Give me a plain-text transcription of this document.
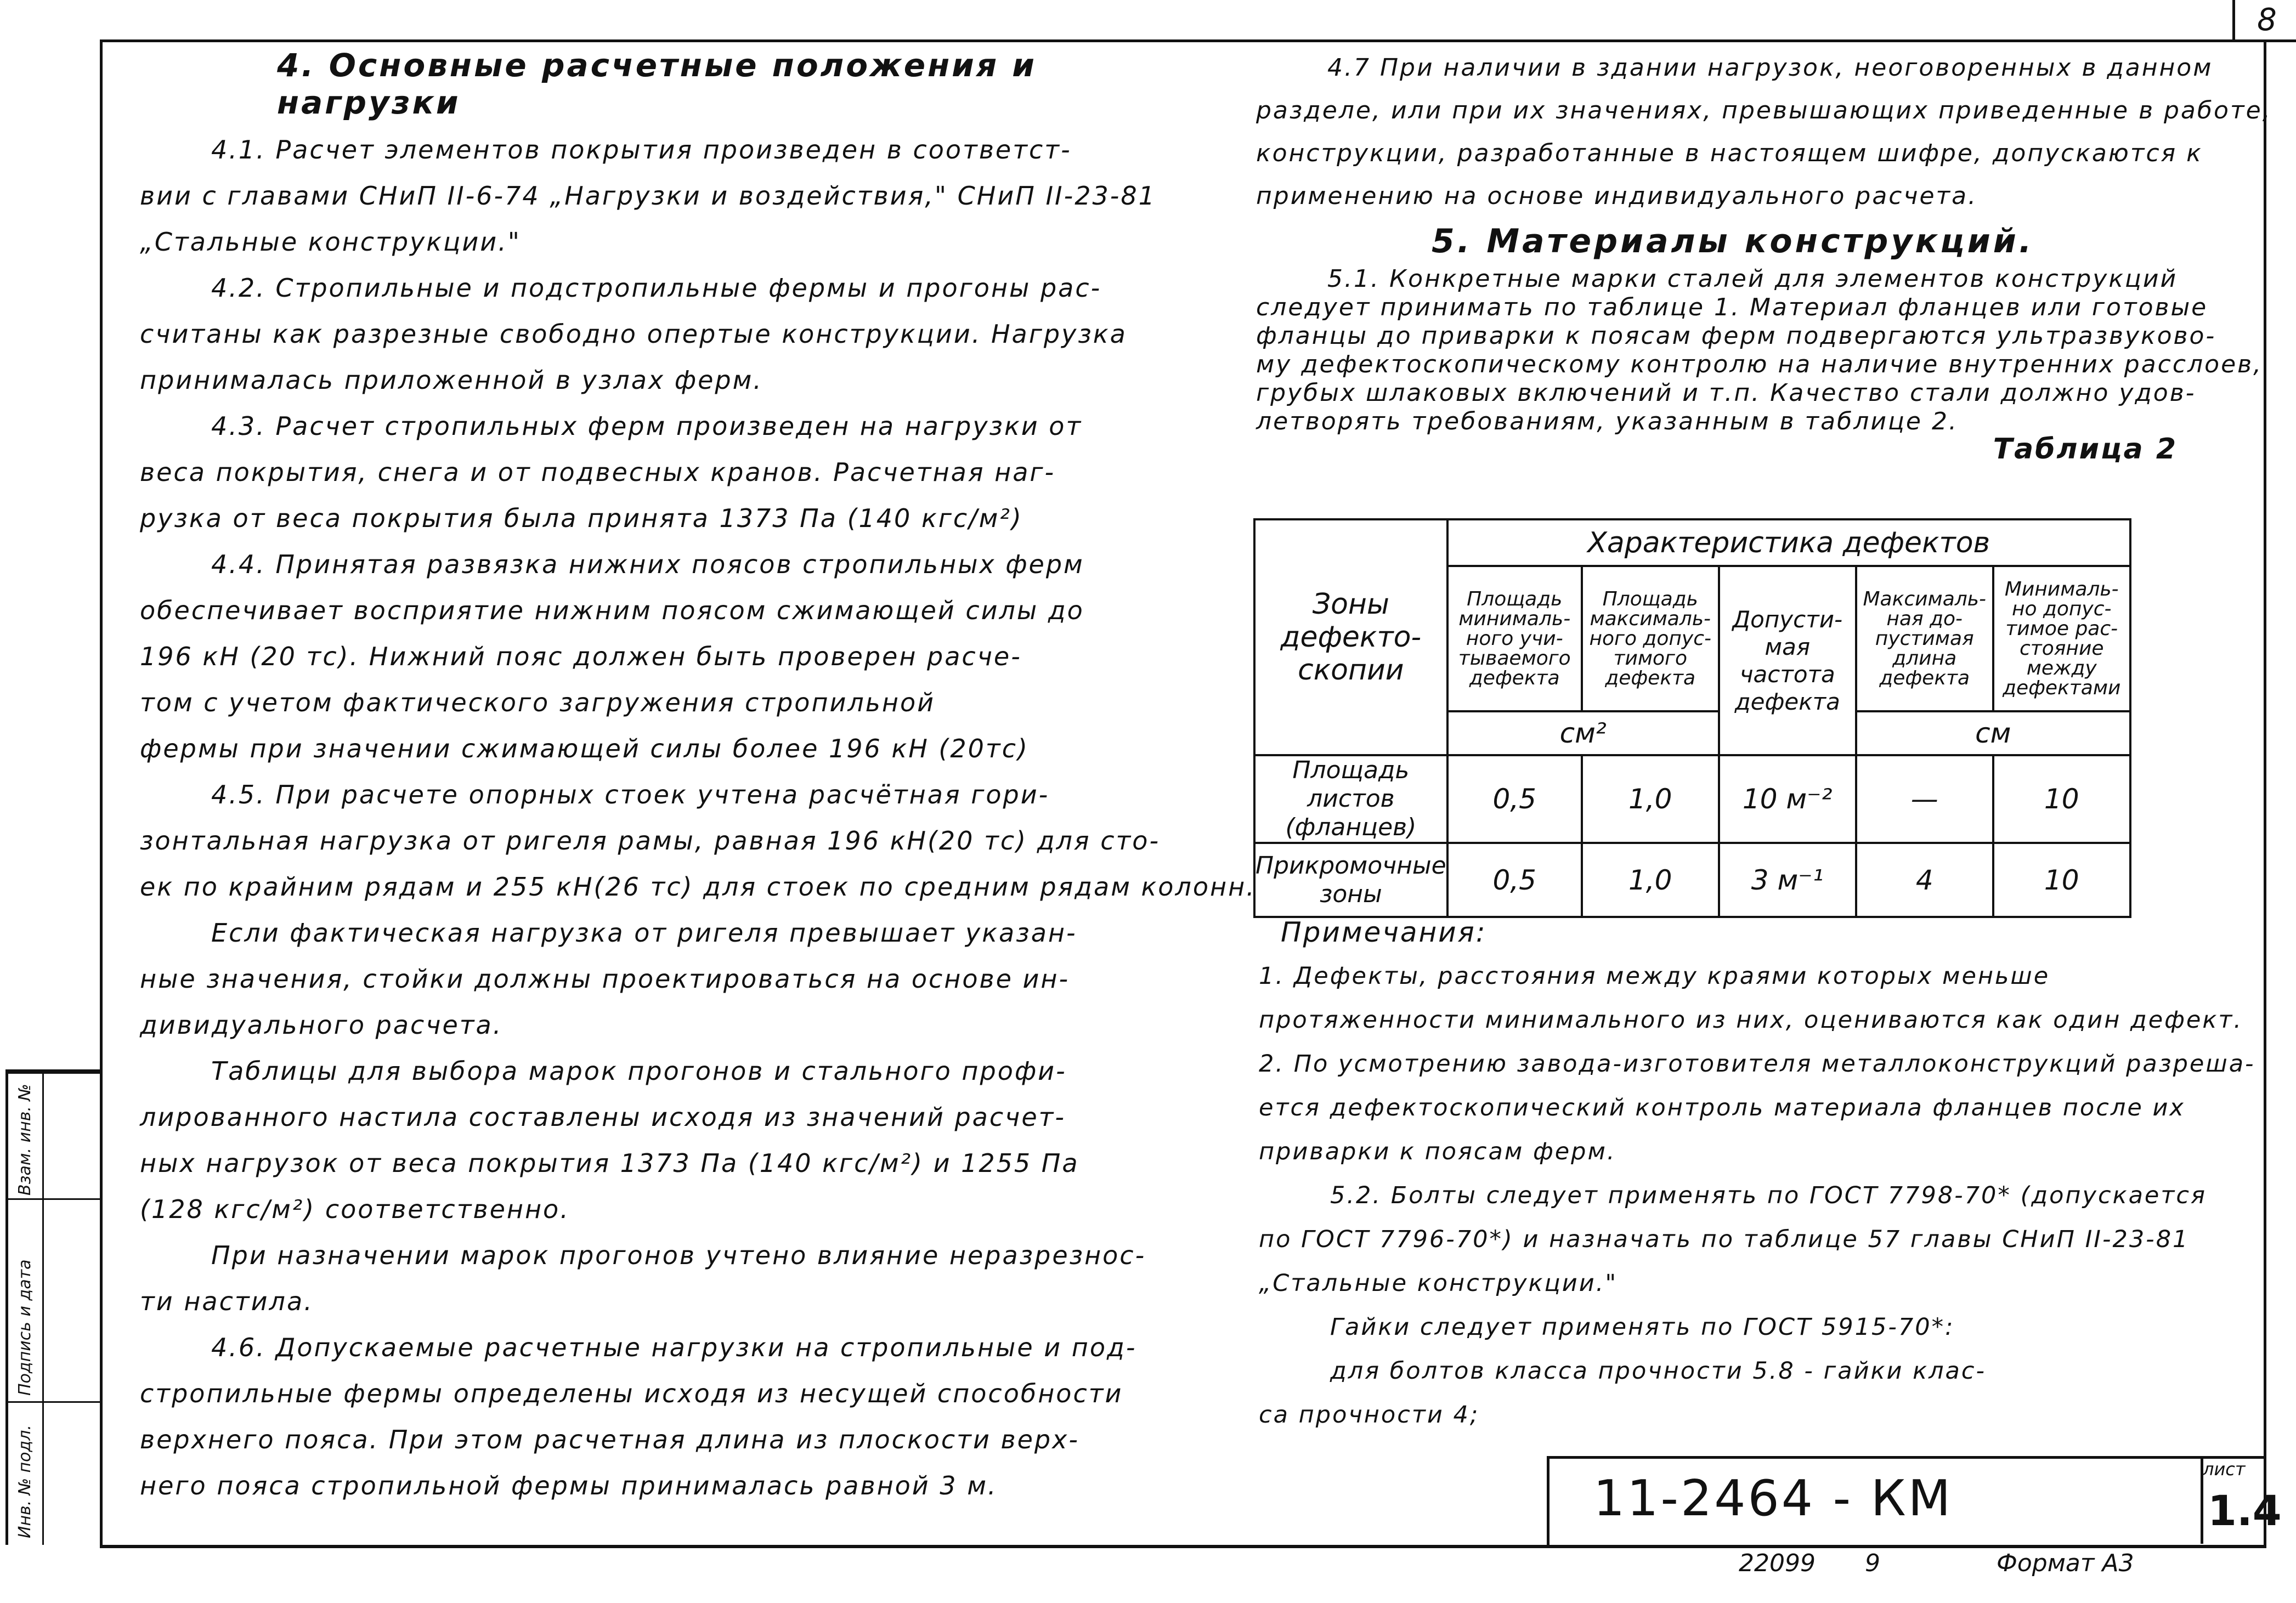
8
Взам. инв. №
Подпись и дата
Инв. № подл.
4. Основные расчетные положения и нагрузки
4.1. Расчет элементов покрытия произведен в соответст-
вии с главами СНиП II-6-74 „Нагрузки и воздействия," СНиП II-23-81
„Стальные конструкции."
4.2. Стропильные и подстропильные фермы и прогоны рас-
считаны как разрезные свободно опертые конструкции. Нагрузка
принималась приложенной в узлах ферм.
4.3. Расчет стропильных ферм произведен на нагрузки от
веса покрытия, снега и от подвесных кранов. Расчетная наг-
рузка от веса покрытия была принята 1373 Па (140 кгс/м²)
4.4. Принятая развязка нижних поясов стропильных ферм
обеспечивает восприятие нижним поясом сжимающей силы до
196 кН (20 тс). Нижний пояс должен быть проверен расче-
том с учетом фактического загружения стропильной
фермы при значении сжимающей силы более 196 кН (20тс)
4.5. При расчете опорных стоек учтена расчётная гори-
зонтальная нагрузка от ригеля рамы, равная 196 кН(20 тс) для сто-
ек по крайним рядам и 255 кН(26 тс) для стоек по средним рядам колонн.
Если фактическая нагрузка от ригеля превышает указан-
ные значения, стойки должны проектироваться на основе ин-
дивидуального расчета.
Таблицы для выбора марок прогонов и стального профи-
лированного настила составлены исходя из значений расчет-
ных нагрузок от веса покрытия 1373 Па (140 кгс/м²) и 1255 Па
(128 кгс/м²) соответственно.
При назначении марок прогонов учтено влияние неразрезнос-
ти настила.
4.6. Допускаемые расчетные нагрузки на стропильные и под-
стропильные фермы определены исходя из несущей способности
верхнего пояса. При этом расчетная длина из плоскости верх-
него пояса стропильной фермы принималась равной 3 м.
4.7 При наличии в здании нагрузок, неоговоренных в данном
разделе, или при их значениях, превышающих приведенные в работе,
конструкции, разработанные в настоящем шифре, допускаются к
применению на основе индивидуального расчета.
5. Материалы конструкций.
5.1. Конкретные марки сталей для элементов конструкций
следует принимать по таблице 1. Материал фланцев или готовые
фланцы до приварки к поясам ферм подвергаются ультразвуково-
му дефектоскопическому контролю на наличие внутренних расслоев,
грубых шлаковых включений и т.п. Качество стали должно удов-
летворять требованиям, указанным в таблице 2.
Таблица 2
Зоны дефекто- скопии	Характеристика дефектов				
	Площадь минималь- ного учи- тываемого дефекта	Площадь максималь- ного допус- тимого дефекта	Допусти- мая частота дефекта	Максималь- ная до- пустимая длина дефекта	Минималь- но допус- тимое рас- стояние между дефектами
	см²			см	
Площадь листов (фланцев)	0,5	1,0	10 м⁻²	—	10
Прикромочные зоны	0,5	1,0	3 м⁻¹	4	10
Примечания:
1. Дефекты, расстояния между краями которых меньше
протяженности минимального из них, оцениваются как один дефект.
2. По усмотрению завода-изготовителя металлоконструкций разреша-
ется дефектоскопический контроль материала фланцев после их
приварки к поясам ферм.
5.2. Болты следует применять по ГОСТ 7798-70* (допускается
по ГОСТ 7796-70*) и назначать по таблице 57 главы СНиП II-23-81
„Стальные конструкции."
Гайки следует применять по ГОСТ 5915-70*:
для болтов класса прочности 5.8 - гайки клас-
са прочности 4;
11-2464 - КМ
лист
1.4
22099 9	Формат А3
